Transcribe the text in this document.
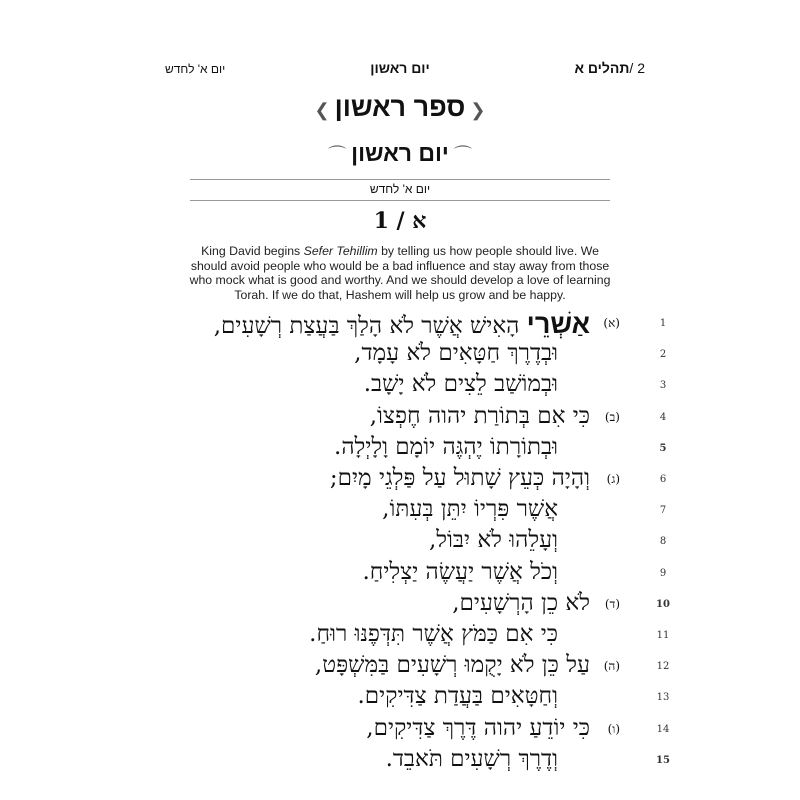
יום א' לחדש	יום ראשון	2 /תהלים א
❮ ספר ראשון ❯
⌒ יום ראשון ⌒
יום א' לחדש
1 / א
King David begins Sefer Tehillim by telling us how people should live. We should avoid people who would be a bad influence and stay away from those who mock what is good and worthy. And we should develop a love of learning Torah. If we do that, Hashem will help us grow and be happy.
1
(א)
אַשְׁרֵי הָאִישׁ אֲשֶׁר לֹא הָלַךְ בַּעֲצַת רְשָׁעִים,
2
וּבְדֶרֶךְ חַטָּאִים לֹא עָמָד,
3
וּבְמוֹשַׁב לֵצִים לֹא יָשָׁב.
4
(ב)
כִּי אִם בְּתוֹרַת יהוה חֶפְצוֹ,
5
וּבְתוֹרָתוֹ יֶהְגֶּה יוֹמָם וָלָיְלָה.
6
(ג)
וְהָיָה כְּעֵץ שָׁתוּל עַל פַּלְגֵי מָיִם;
7
אֲשֶׁר פִּרְיוֹ יִתֵּן בְּעִתּוֹ,
8
וְעָלֵהוּ לֹא יִבּוֹל,
9
וְכֹל אֲשֶׁר יַעֲשֶׂה יַצְלִיחַ.
10
(ד)
לֹא כֵן הָרְשָׁעִים,
11
כִּי אִם כַּמֹּץ אֲשֶׁר תִּדְּפֶנּוּ רוּחַ.
12
(ה)
עַל כֵּן לֹא יָקֻמוּ רְשָׁעִים בַּמִּשְׁפָּט,
13
וְחַטָּאִים בַּעֲדַת צַדִּיקִים.
14
(ו)
כִּי יוֹדֵעַ יהוה דֶּרֶךְ צַדִּיקִים,
15
וְדֶרֶךְ רְשָׁעִים תֹּאבֵד.
